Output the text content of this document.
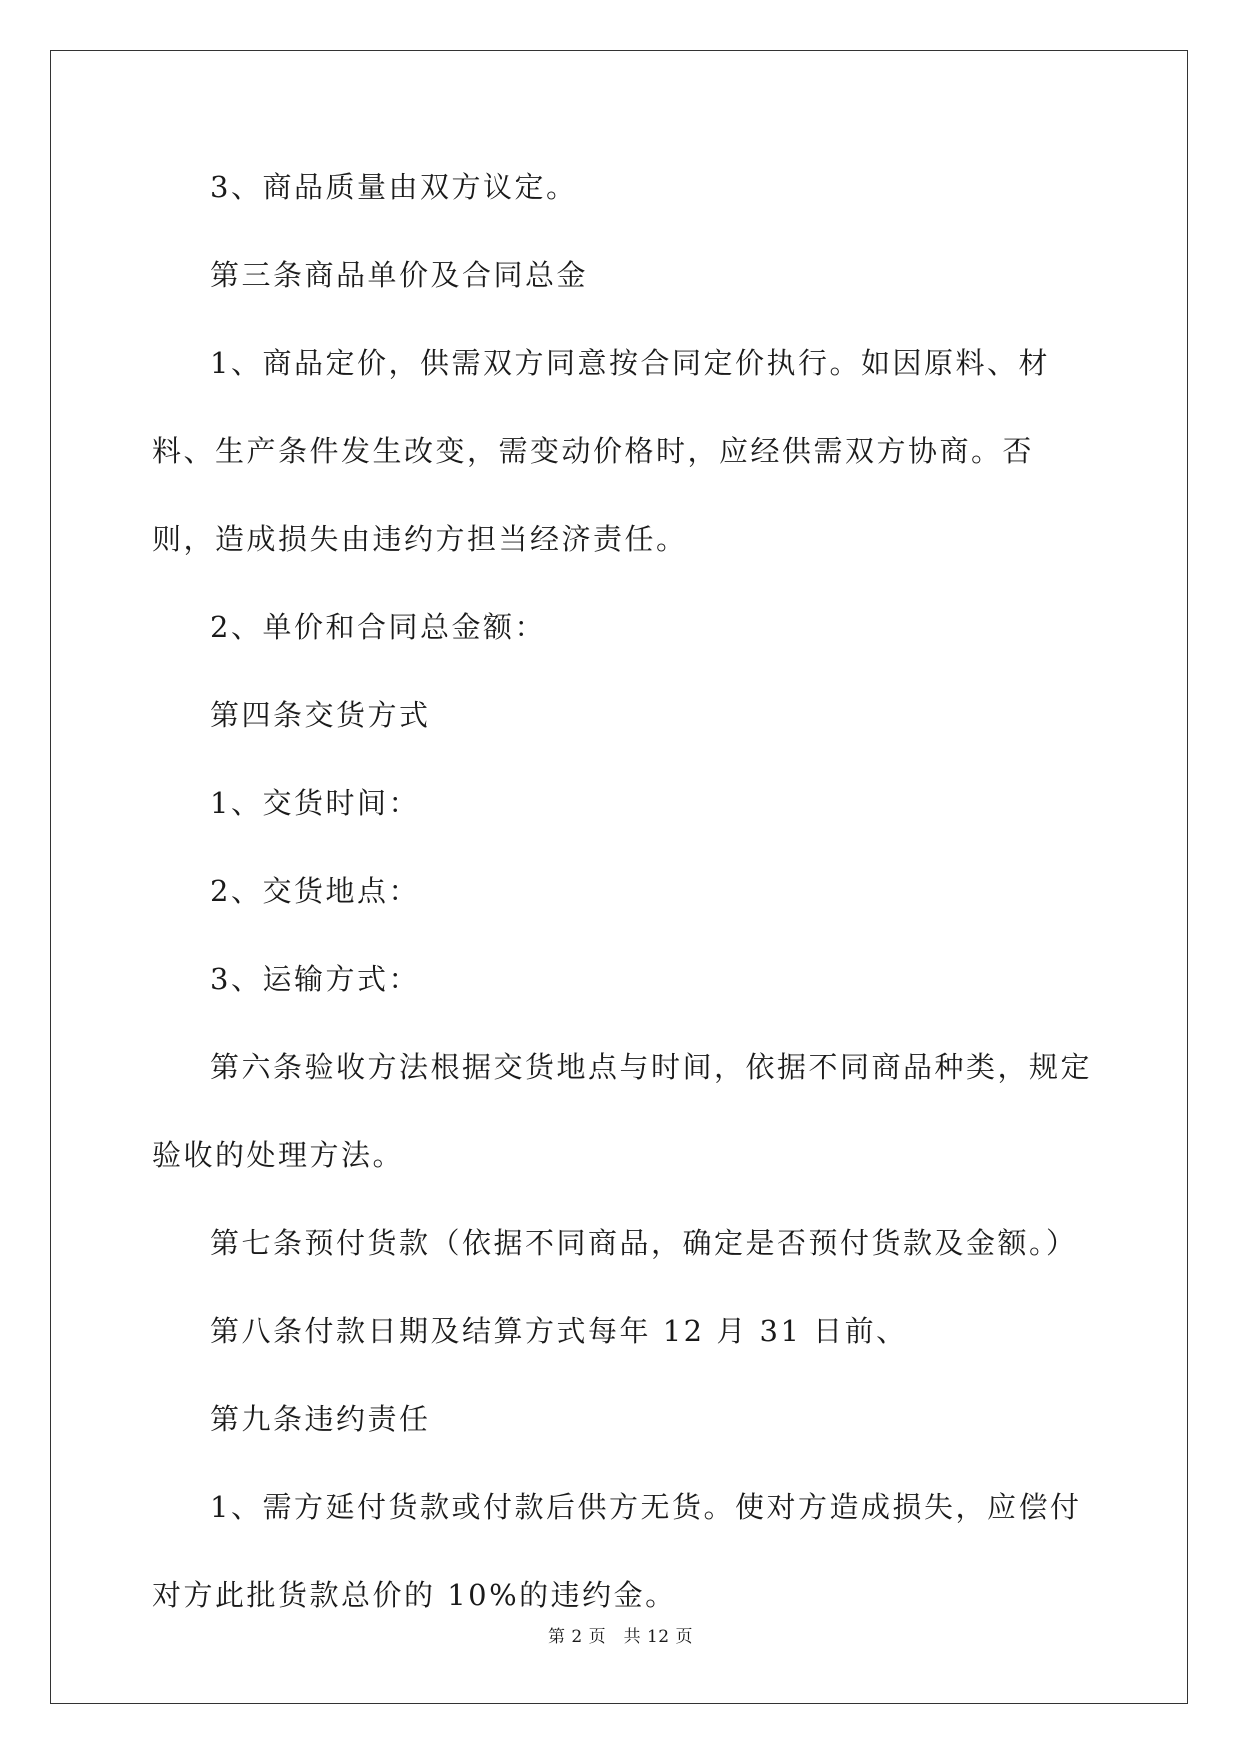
3、商品质量由双方议定。

第三条商品单价及合同总金

1、商品定价，供需双方同意按合同定价执行。如因原料、材料、生产条件发生改变，需变动价格时，应经供需双方协商。否则，造成损失由违约方担当经济责任。

2、单价和合同总金额：

第四条交货方式

1、交货时间：

2、交货地点：

3、运输方式：

第六条验收方法根据交货地点与时间，依据不同商品种类，规定验收的处理方法。

第七条预付货款（依据不同商品，确定是否预付货款及金额。）

第八条付款日期及结算方式每年 12 月 31 日前、

第九条违约责任

1、需方延付货款或付款后供方无货。使对方造成损失，应偿付对方此批货款总价的 10%的违约金。

第 2 页　共 12 页
